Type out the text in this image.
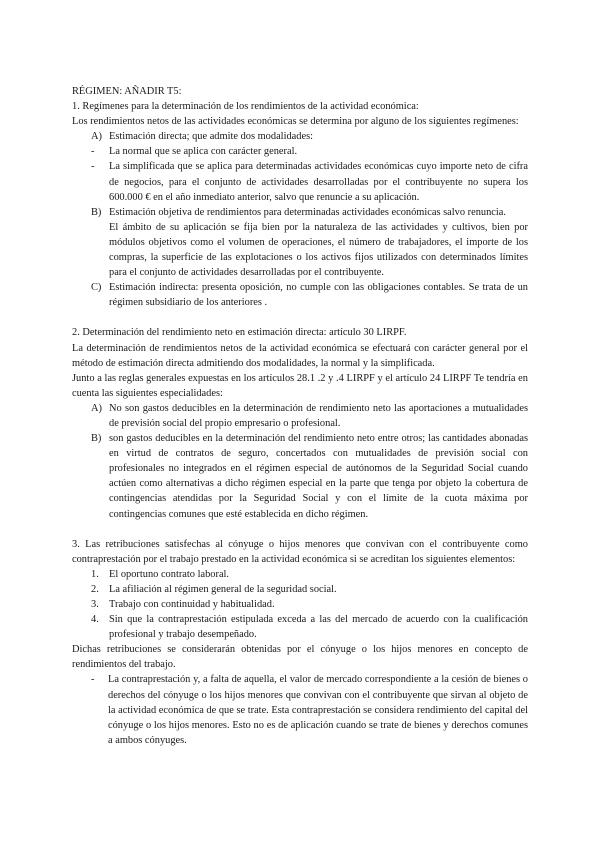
RÉGIMEN: AÑADIR T5:

1. Regímenes para la determinación de los rendimientos de la actividad económica:

Los rendimientos netos de las actividades económicas se determina por alguno de los siguientes regímenes:

A) Estimación directa; que admite dos modalidades:
-	La normal que se aplica con carácter general.
-	La simplificada que se aplica para determinadas actividades económicas cuyo importe neto de cifra de negocios, para el conjunto de actividades desarrolladas por el contribuyente no supera los 600.000 € en el año inmediato anterior, salvo que renuncie a su aplicación.
B) Estimación objetiva de rendimientos para determinadas actividades económicas salvo renuncia.

El ámbito de su aplicación se fija bien por la naturaleza de las actividades y cultivos, bien por módulos objetivos como el volumen de operaciones, el número de trabajadores, el importe de los compras, la superficie de las explotaciones o los activos fijos utilizados con determinados límites para el conjunto de actividades desarrolladas por el contribuyente.

C) Estimación indirecta: presenta oposición, no cumple con las obligaciones contables. Se trata de un régimen subsidiario de los anteriores .

2. Determinación del rendimiento neto en estimación directa: artículo 30 LIRPF.

La determinación de rendimientos netos de la actividad económica se efectuará con carácter general por el método de estimación directa admitiendo dos modalidades, la normal y la simplificada.

Junto a las reglas generales expuestas en los artículos 28.1 .2 y .4 LIRPF y el artículo 24 LIRPF Te tendría en cuenta las siguientes especialidades:

A) No son gastos deducibles en la determinación de rendimiento neto las aportaciones a mutualidades de previsión social del propio empresario o profesional.
B) son gastos deducibles en la determinación del rendimiento neto entre otros; las cantidades abonadas en virtud de contratos de seguro, concertados con mutualidades de previsión social con profesionales no integrados en el régimen especial de autónomos de la Seguridad Social cuando actúen como alternativas a dicho régimen especial en la parte que tenga por objeto la cobertura de contingencias atendidas por la Seguridad Social y con el límite de la cuota máxima por contingencias comunes que esté establecida en dicho régimen.

3. Las retribuciones satisfechas al cónyuge o hijos menores que convivan con el contribuyente como contraprestación por el trabajo prestado en la actividad económica si se acreditan los siguientes elementos:

1. El oportuno contrato laboral.
2. La afiliación al régimen general de la seguridad social.
3. Trabajo con continuidad y habitualidad.
4. Sin que la contraprestación estipulada exceda a las del mercado de acuerdo con la cualificación profesional y trabajo desempeñado.

Dichas retribuciones se considerarán obtenidas por el cónyuge o los hijos menores en concepto de rendimientos del trabajo.

-	La contraprestación y, a falta de aquella, el valor de mercado correspondiente a la cesión de bienes o derechos del cónyuge o los hijos menores que convivan con el contribuyente que sirvan al objeto de la actividad económica de que se trate. Esta contraprestación se considera rendimiento del capital del cónyuge o los hijos menores. Esto no es de aplicación cuando se trate de bienes y derechos comunes a ambos cónyuges.
